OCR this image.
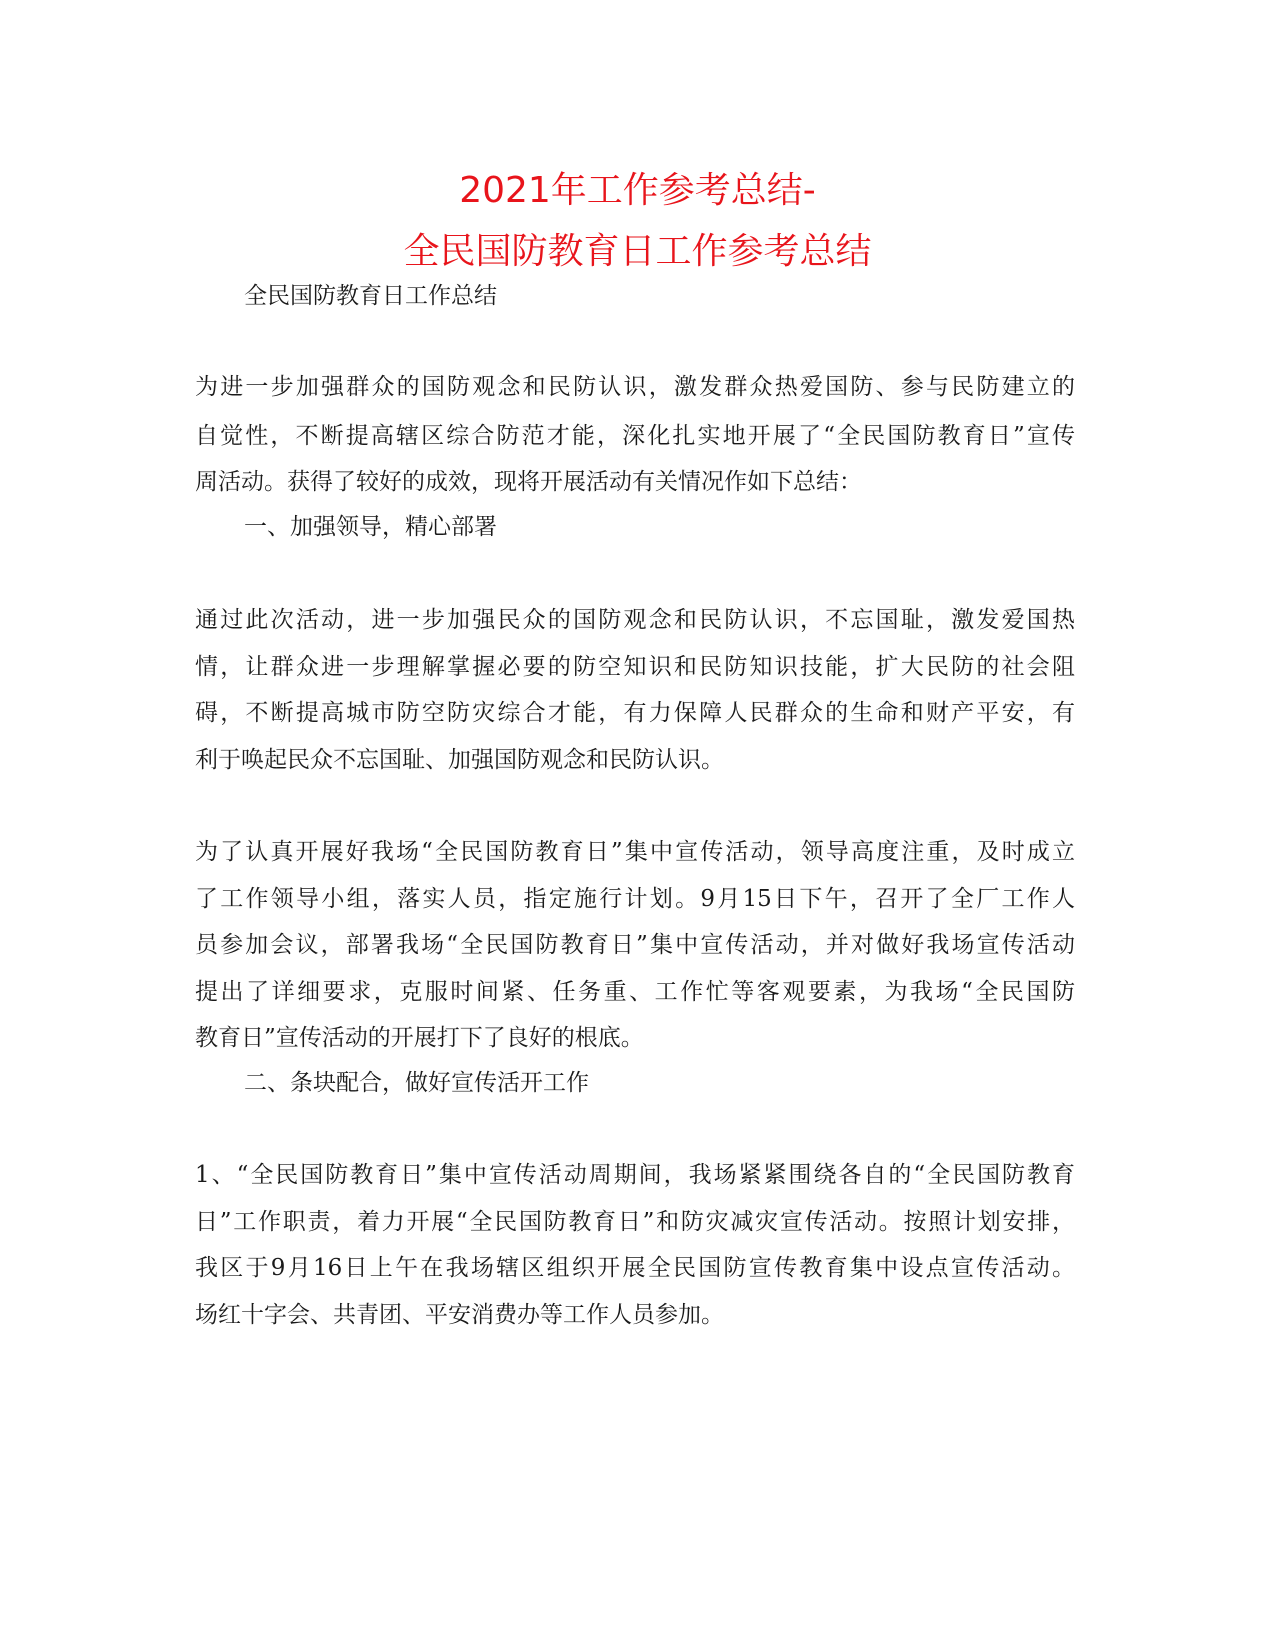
2021年工作参考总结-
全民国防教育日工作参考总结
全民国防教育日工作总结
为进一步加强群众的国防观念和民防认识，激发群众热爱国防、参与民防建立的
自觉性，不断提高辖区综合防范才能，深化扎实地开展了“全民国防教育日”宣传
周活动。获得了较好的成效，现将开展活动有关情况作如下总结：
一、加强领导，精心部署
通过此次活动，进一步加强民众的国防观念和民防认识，不忘国耻，激发爱国热
情，让群众进一步理解掌握必要的防空知识和民防知识技能，扩大民防的社会阻
碍，不断提高城市防空防灾综合才能，有力保障人民群众的生命和财产平安，有
利于唤起民众不忘国耻、加强国防观念和民防认识。
为了认真开展好我场“全民国防教育日”集中宣传活动，领导高度注重，及时成立
了工作领导小组，落实人员，指定施行计划。9月15日下午，召开了全厂工作人
员参加会议，部署我场“全民国防教育日”集中宣传活动，并对做好我场宣传活动
提出了详细要求，克服时间紧、任务重、工作忙等客观要素，为我场“全民国防
教育日”宣传活动的开展打下了良好的根底。
二、条块配合，做好宣传活开工作
1、“全民国防教育日”集中宣传活动周期间，我场紧紧围绕各自的“全民国防教育
日”工作职责，着力开展“全民国防教育日”和防灾减灾宣传活动。按照计划安排，
我区于9月16日上午在我场辖区组织开展全民国防宣传教育集中设点宣传活动。
场红十字会、共青团、平安消费办等工作人员参加。
